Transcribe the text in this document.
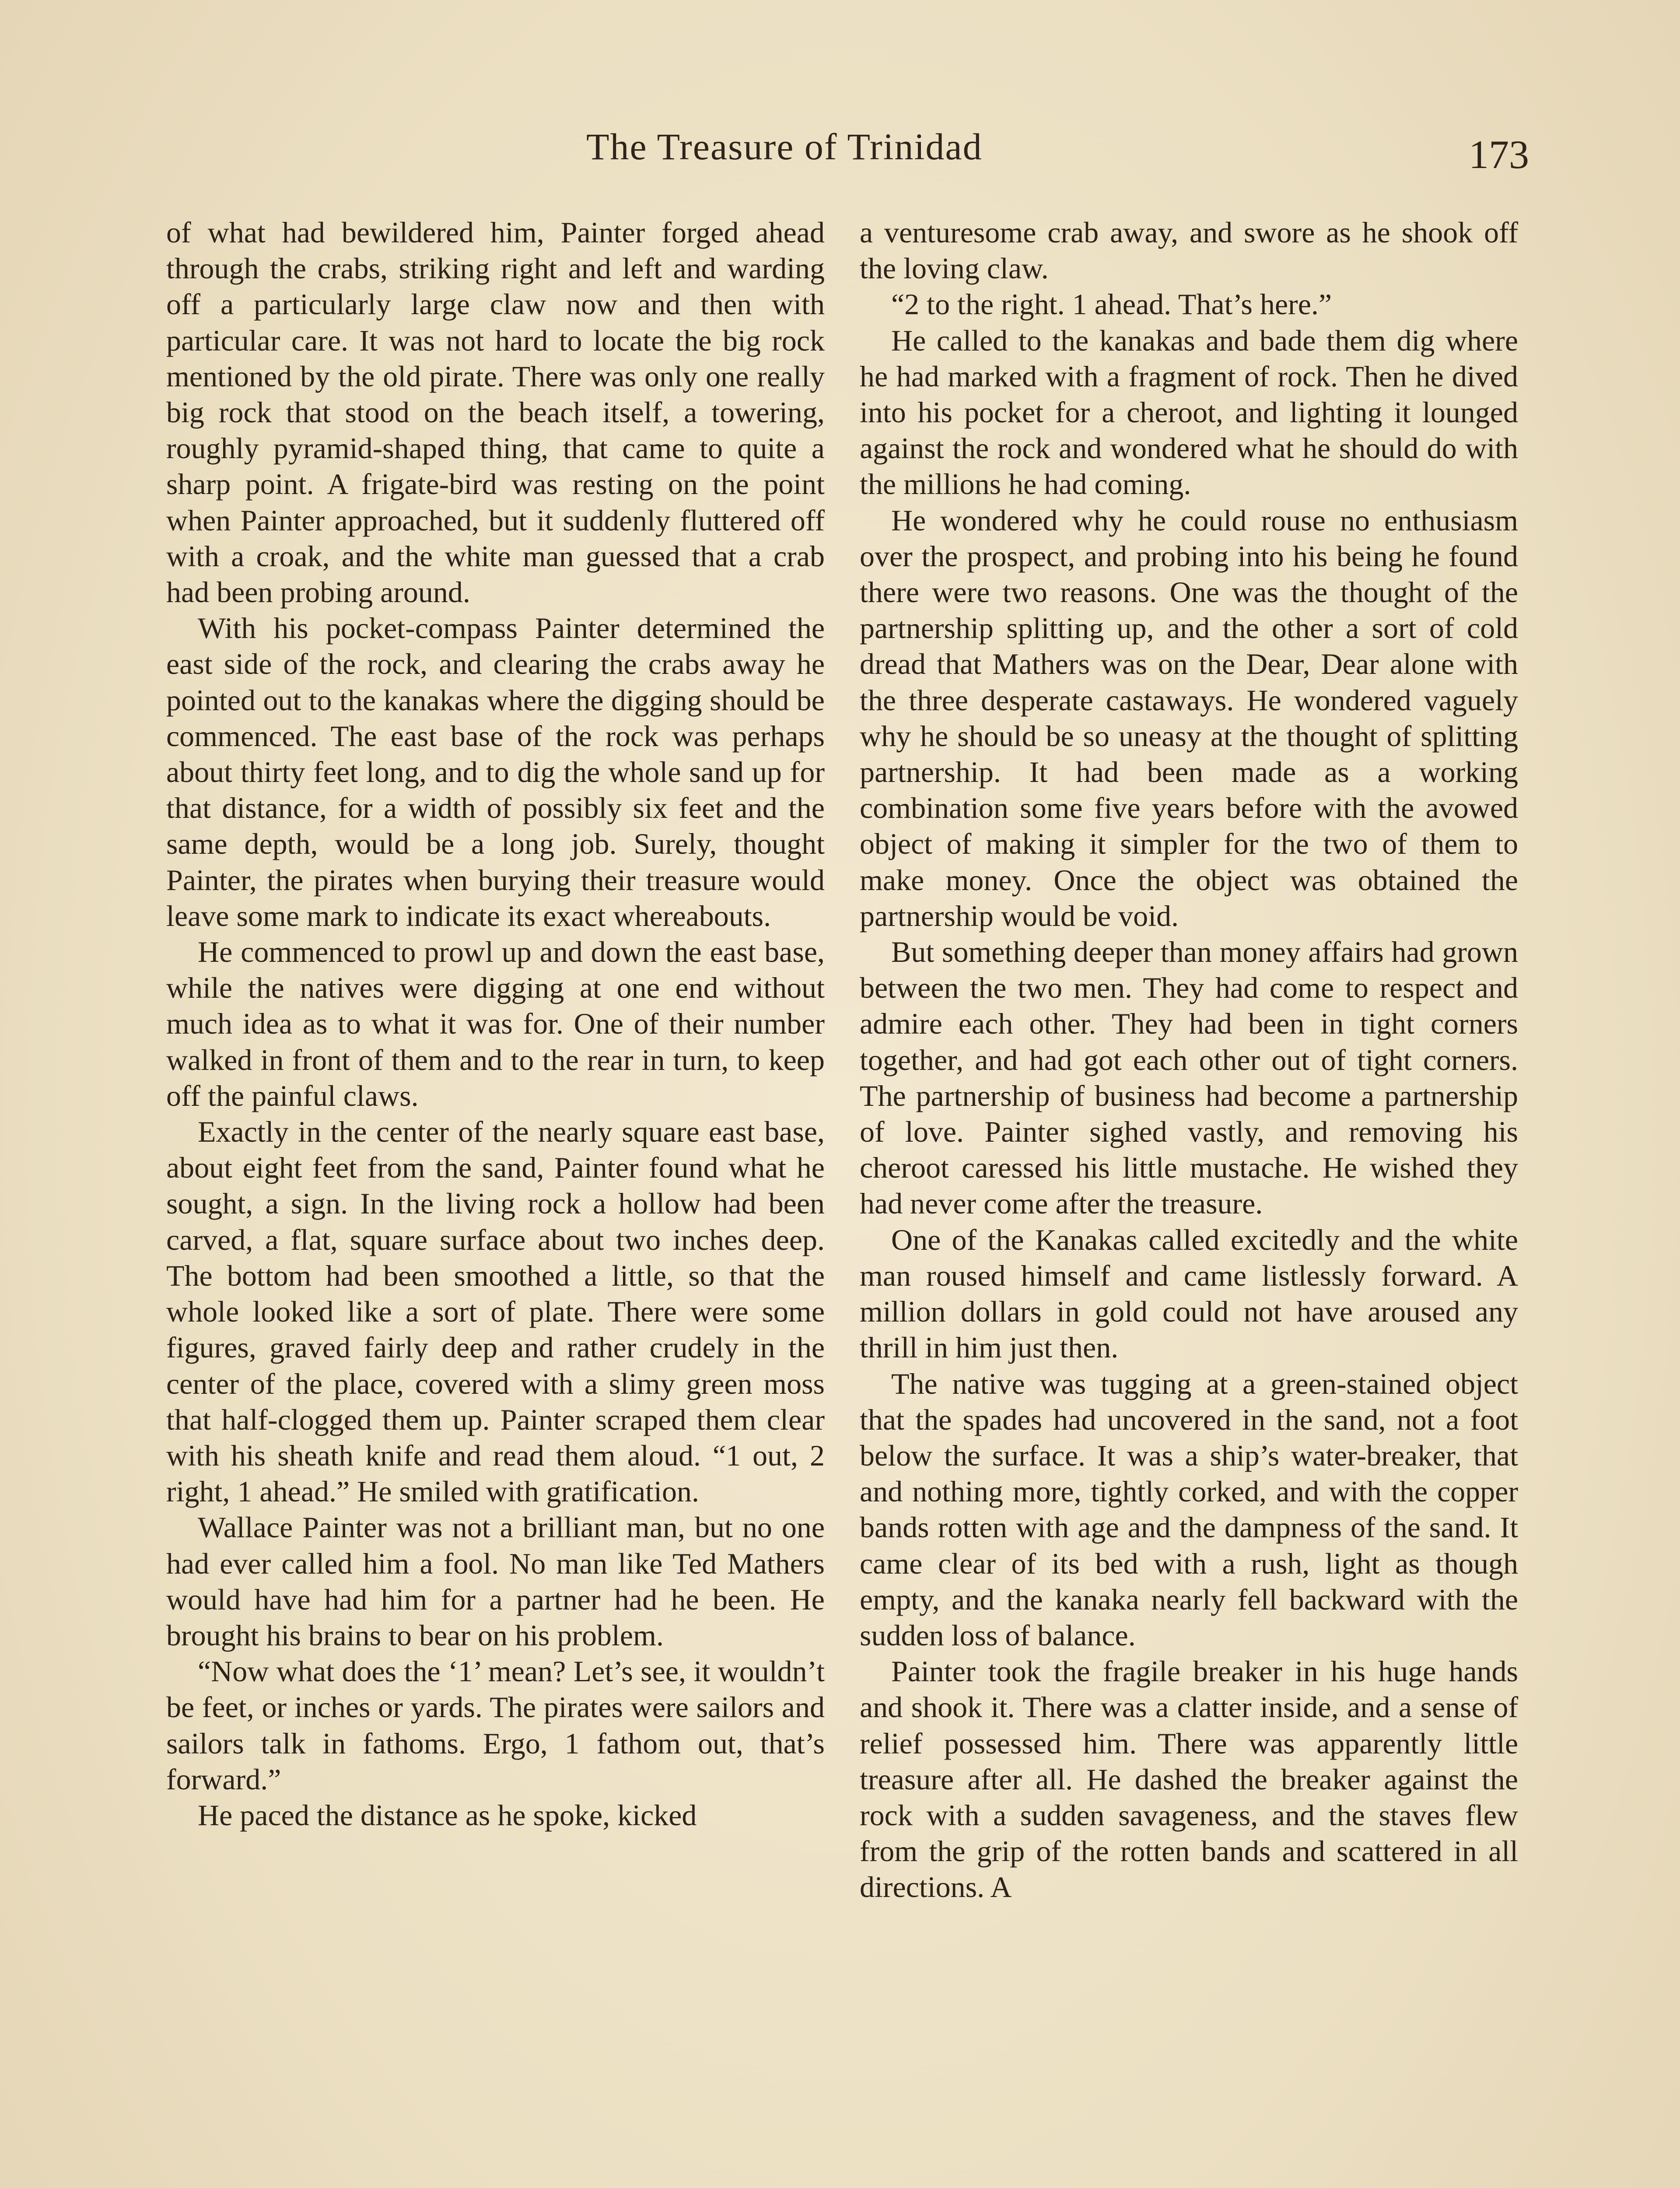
The Treasure of Trinidad	173

of what had bewildered him, Painter forged ahead through the crabs, striking right and left and warding off a particularly large claw now and then with particular care. It was not hard to locate the big rock mentioned by the old pirate. There was only one really big rock that stood on the beach itself, a towering, roughly pyramid-shaped thing, that came to quite a sharp point. A frigate-bird was resting on the point when Painter approached, but it suddenly fluttered off with a croak, and the white man guessed that a crab had been probing around.

With his pocket-compass Painter determined the east side of the rock, and clearing the crabs away he pointed out to the kanakas where the digging should be commenced. The east base of the rock was perhaps about thirty feet long, and to dig the whole sand up for that distance, for a width of possibly six feet and the same depth, would be a long job. Surely, thought Painter, the pirates when burying their treasure would leave some mark to indicate its exact whereabouts.

He commenced to prowl up and down the east base, while the natives were digging at one end without much idea as to what it was for. One of their number walked in front of them and to the rear in turn, to keep off the painful claws.

Exactly in the center of the nearly square east base, about eight feet from the sand, Painter found what he sought, a sign. In the living rock a hollow had been carved, a flat, square surface about two inches deep. The bottom had been smoothed a little, so that the whole looked like a sort of plate. There were some figures, graved fairly deep and rather crudely in the center of the place, covered with a slimy green moss that half-clogged them up. Painter scraped them clear with his sheath knife and read them aloud. “1 out, 2 right, 1 ahead.” He smiled with gratification.

Wallace Painter was not a brilliant man, but no one had ever called him a fool. No man like Ted Mathers would have had him for a partner had he been. He brought his brains to bear on his problem.

“Now what does the ‘1’ mean? Let’s see, it wouldn’t be feet, or inches or yards. The pirates were sailors and sailors talk in fathoms. Ergo, 1 fathom out, that’s forward.”

He paced the distance as he spoke, kicked

a venturesome crab away, and swore as he shook off the loving claw.

“2 to the right. 1 ahead. That’s here.”

He called to the kanakas and bade them dig where he had marked with a fragment of rock. Then he dived into his pocket for a cheroot, and lighting it lounged against the rock and wondered what he should do with the millions he had coming.

He wondered why he could rouse no enthusiasm over the prospect, and probing into his being he found there were two reasons. One was the thought of the partnership splitting up, and the other a sort of cold dread that Mathers was on the Dear, Dear alone with the three desperate castaways. He wondered vaguely why he should be so uneasy at the thought of splitting partnership. It had been made as a working combination some five years before with the avowed object of making it simpler for the two of them to make money. Once the object was obtained the partnership would be void.

But something deeper than money affairs had grown between the two men. They had come to respect and admire each other. They had been in tight corners together, and had got each other out of tight corners. The partnership of business had become a partnership of love. Painter sighed vastly, and removing his cheroot caressed his little mustache. He wished they had never come after the treasure.

One of the Kanakas called excitedly and the white man roused himself and came listlessly forward. A million dollars in gold could not have aroused any thrill in him just then.

The native was tugging at a green-stained object that the spades had uncovered in the sand, not a foot below the surface. It was a ship’s water-breaker, that and nothing more, tightly corked, and with the copper bands rotten with age and the dampness of the sand. It came clear of its bed with a rush, light as though empty, and the kanaka nearly fell backward with the sudden loss of balance.

Painter took the fragile breaker in his huge hands and shook it. There was a clatter inside, and a sense of relief possessed him. There was apparently little treasure after all. He dashed the breaker against the rock with a sudden savageness, and the staves flew from the grip of the rotten bands and scattered in all directions. A
